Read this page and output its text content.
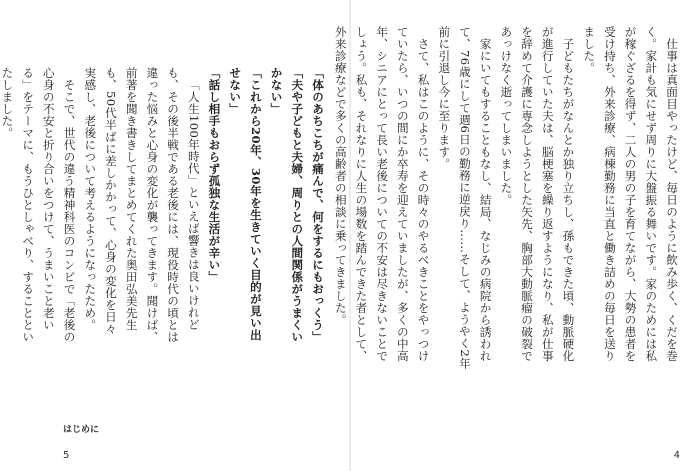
仕事は真面目やったけど、毎日のように飲み歩く、くだを巻く。家計も気にせず周りに大盤振る舞いです。家のためには私が稼ぐざるを得ず、二人の男の子を育てながら、大勢の患者を受け持ち、外来診療、病棟勤務に当直と働き詰めの毎日を送りました。

子どもたちがなんとか独り立ちし、孫もできた頃、動脈硬化が進行していた夫は、脳梗塞を繰り返すようになり、私が仕事を辞めて介護に専念しようとした矢先、胸部大動脈瘤の破裂であっけなく逝ってしまいました。

家にいてもすることもなし、結局、なじみの病院から誘われて、76歳にして週6日の勤務に逆戻り……そして、ようやく2年前に引退し今に至ります。

さて、私はこのように、その時々のやるべきことをやっつけていたら、いつの間にか卒寿を迎えていましたが、多くの中高年、シニアにとって長い老後についての不安は尽きないことでしょう。私も、それなりに人生の場数を踏んできた者として、外来診療などで多くの高齢者の相談に乗ってきました。

4
「体のあちこちが痛んで、何をするにもおっくう」
「夫や子どもと夫婦、周りとの人間関係がうまくいかない」
「これから20年、30年を生きていく目的が見い出せない」
「話し相手もおらず孤独な生活が辛い」

「人生100年時代」といえば響きは良いけれども、その後半戦である老後には、現役時代の頃とは違った悩みと心身の変化が襲ってきます。聞けば、前著を聞き書きしてまとめてくれた奥田弘美先生も、50代半ばに差しかかって、心身の変化を日々実感し、老後について考えるようになったため。

そこで、世代の違う精神科医のコンビで「老後の心身の不安と折り合いをつけて、うまいこと老いる」をテーマに、もうひとしゃべり、することといたしました。

はじめに
5
